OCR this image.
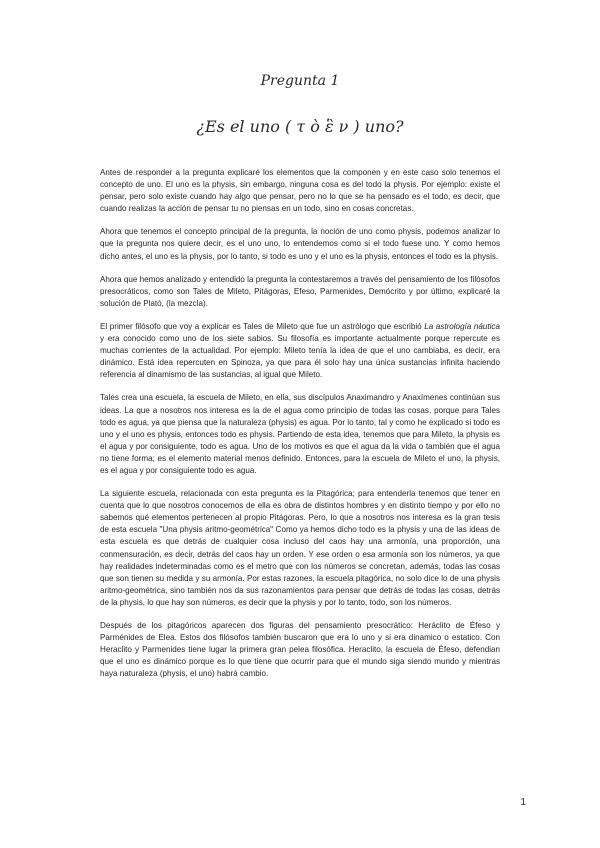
Pregunta 1
¿Es el uno ( τ ὸ ἓ ν ) uno?

Antes de responder a la pregunta explicaré los elementos que la componen y en este caso solo tenemos el concepto de uno. El uno es la physis, sin embargo, ninguna cosa es del todo la physis. Por ejemplo: existe el pensar, pero solo existe cuando hay algo que pensar, pero no lo que se ha pensado es el todo, es decir, que cuando realizas la acción de pensar tu no piensas en un todo, sino en cosas concretas.

Ahora que tenemos el concepto principal de la pregunta, la noción de uno como physis, podemos analizar lo que la pregunta nos quiere decir, es el uno uno, lo entendemos como si el todo fuese uno. Y como hemos dicho antes, el uno es la physis, por lo tanto, si todo es uno y el uno es la physis, entonces el todo es la physis.

Ahora que hemos analizado y entendido la pregunta la contestaremos a través del pensamiento de los filósofos presocráticos, como son Tales de Mileto, Pitágoras, Efeso, Parmenides, Demócrito y por último, explicaré la solución de Plató, (la mezcla).

El primer filósofo que voy a explicar es Tales de Mileto que fue un astrólogo que escribió La astrología náutica y era conocido como uno de los siete sabios. Su filosofía es importante actualmente porque repercute es muchas corrientes de la actualidad. Por ejemplo: Mileto tenía la idea de que el uno cambiaba, es decir, era dinámico. Está idea repercuten en Spinoza, ya que para él solo hay una única sustancias infinita haciendo referencia al dinamismo de las sustancias, al igual que Mileto.

Tales crea una escuela, la escuela de Mileto, en ella, sus discípulos Anaximandro y Anaxímenes continúan sus ideas. La que a nosotros nos interesa es la de el agua como principio de todas las cosas. porque para Tales todo es agua, ya que piensa que la naturaleza (physis) es agua. Por lo tanto, tal y como he explicado si todo es uno y el uno es physis, entonces todo es physis. Partiendo de esta idea, tenemos que para Mileto, la physis es el agua y por consiguiente, todo es agua. Uno de los motivos es que el agua da la vida o también que el agua no tiene forma; es el elemento material menos definido. Entonces, para la escuela de Mileto el uno, la physis, es el agua y por consiguiente todo es agua.

La siguiente escuela, relacionada con esta pregunta es la Pitagórica; para entenderla tenemos que tener en cuenta que lo que nosotros conocemos de ella es obra de distintos hombres y en distinto tiempo y por ello no sabemos qué elementos pertenecen al propio Pitágoras. Pero, lo que a nosotros nos interesa es la gran tesis de esta escuela "Una physis aritmo-geométrica" Como ya hemos dicho todo es la physis y una de las ideas de esta escuela es que detrás de cualquier cosa incluso del caos hay una armonía, una proporción, una conmensuración, es decir, detrás del caos hay un orden. Y ese orden o esa armonía son los números, ya que hay realidades indeterminadas como es el metro que con los números se concretan, además, todas las cosas que son tienen su medida y su armonía. Por estas razones, la escuela pitagórica, no solo dice lo de una physis aritmo-geométrica, sino también nos da sus razonamientos para pensar que detrás de todas las cosas, detrás de la physis, lo que hay son números, es decir que la physis y por lo tanto, todo, son los números.

Después de los pitagóricos aparecen dos figuras del pensamiento presocrático: Heráclito de Éfeso y Parménides de Elea. Estos dos filósofos también buscaron que era lo uno y si era dinamico o estatico. Con Heraclito y Parmenides tiene lugar la primera gran pelea filosófica. Heraclito, la escuela de Éfeso, defendian que el uno es dinámico porque es lo que tiene que ocurrir para que el mundo siga siendo mundo y mientras haya naturaleza (physis, el uno) habrá cambio.

1
